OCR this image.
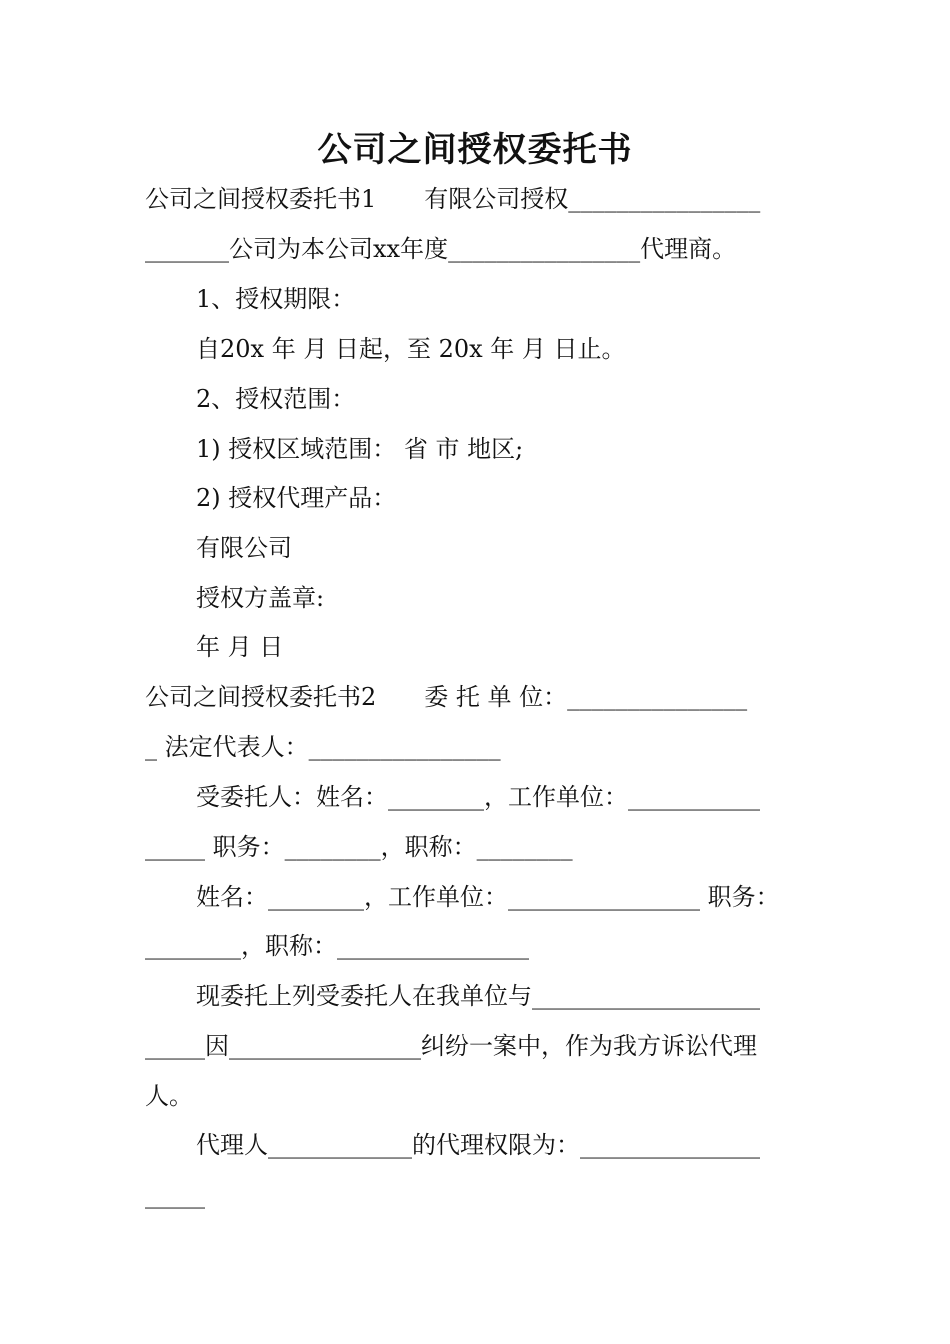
公司之间授权委托书
公司之间授权委托书1　　有限公司授权________________
_______公司为本公司xx年度________________代理商。
1、授权期限：
自20x 年 月 日起，至 20x 年 月 日止。
2、授权范围：
1) 授权区域范围： 省 市 地区;
2) 授权代理产品：
有限公司
授权方盖章:
年 月 日
公司之间授权委托书2　　委 托 单 位：_______________
_ 法定代表人：________________
受委托人：姓名：________，工作单位：___________
_____ 职务：________，职称：________
姓名：________，工作单位：________________ 职务：
________，职称：________________
现委托上列受委托人在我单位与___________________
_____因________________纠纷一案中，作为我方诉讼代理
人。
代理人____________的代理权限为：_______________
_____
